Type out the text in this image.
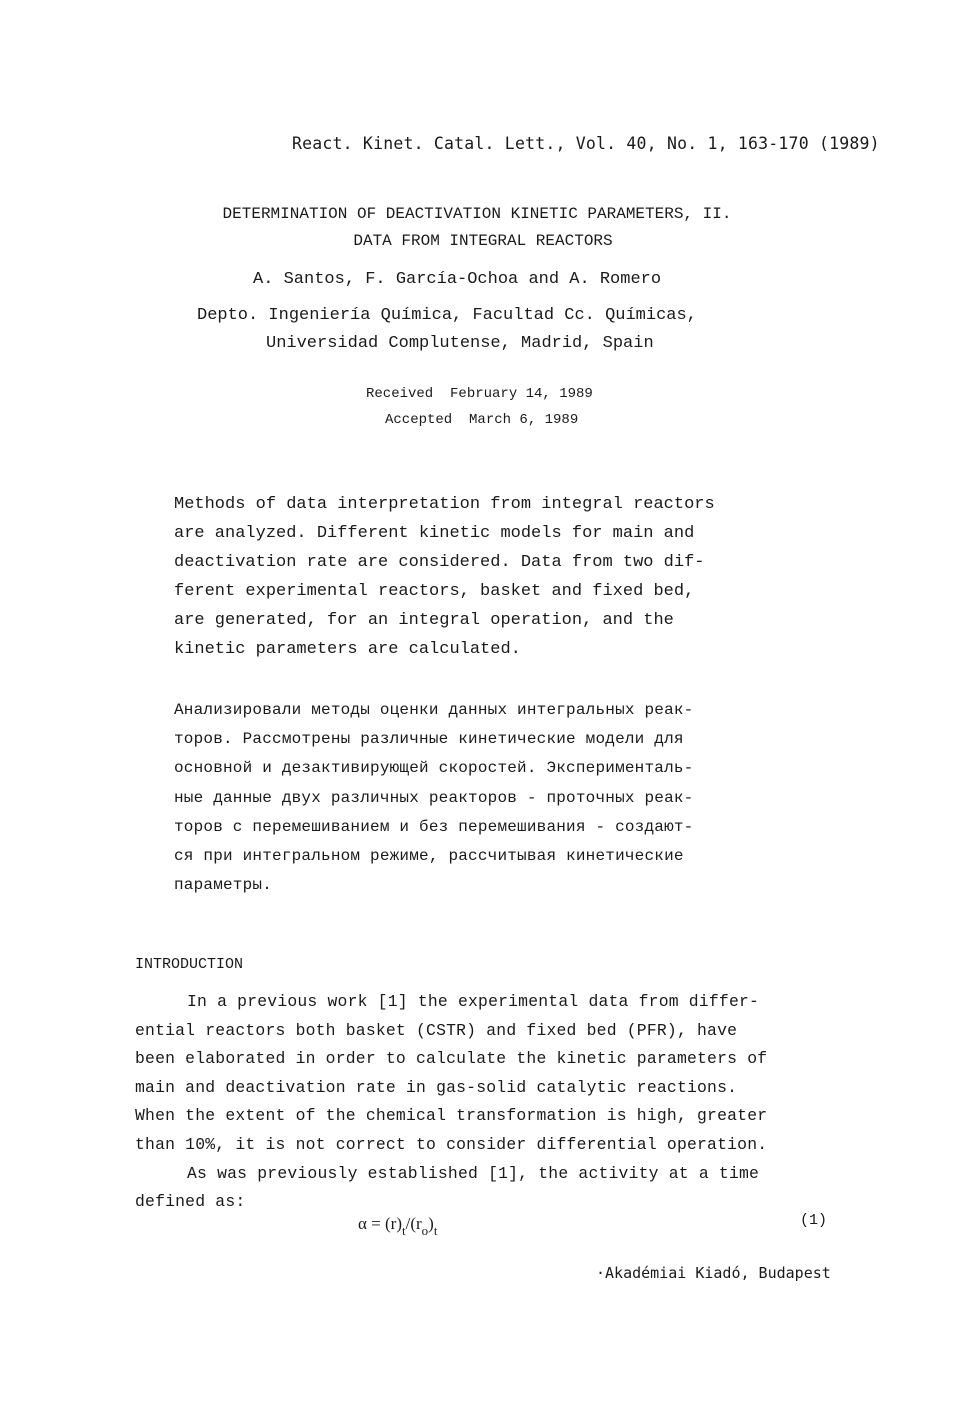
React. Kinet. Catal. Lett., Vol. 40, No. 1, 163-170 (1989)
DETERMINATION OF DEACTIVATION KINETIC PARAMETERS, II.
DATA FROM INTEGRAL REACTORS
A. Santos, F. García-Ochoa and A. Romero
Depto. Ingeniería Química, Facultad Cc. Químicas,
Universidad Complutense, Madrid, Spain
Received  February 14, 1989
Accepted  March 6, 1989
Methods of data interpretation from integral reactors
are analyzed. Different kinetic models for main and
deactivation rate are considered. Data from two dif-
ferent experimental reactors, basket and fixed bed,
are generated, for an integral operation, and the
kinetic parameters are calculated.
Анализировали методы оценки данных интегральных реак-
торов. Рассмотрены различные кинетические модели для
основной и дезактивирующей скоростей. Эксперименталь-
ные данные двух различных реакторов - проточных реак-
торов с перемешиванием и без перемешивания - создают-
ся при интегральном режиме, рассчитывая кинетические
параметры.
INTRODUCTION
In a previous work [1] the experimental data from differ-
ential reactors both basket (CSTR) and fixed bed (PFR), have
been elaborated in order to calculate the kinetic parameters of
main and deactivation rate in gas-solid catalytic reactions.
When the extent of the chemical transformation is high, greater
than 10%, it is not correct to consider differential operation.
As was previously established [1], the activity at a time
defined as:
$\alpha = (r)_t/(r_o)_t$
(1)
·Akadémiai Kiadó, Budapest
